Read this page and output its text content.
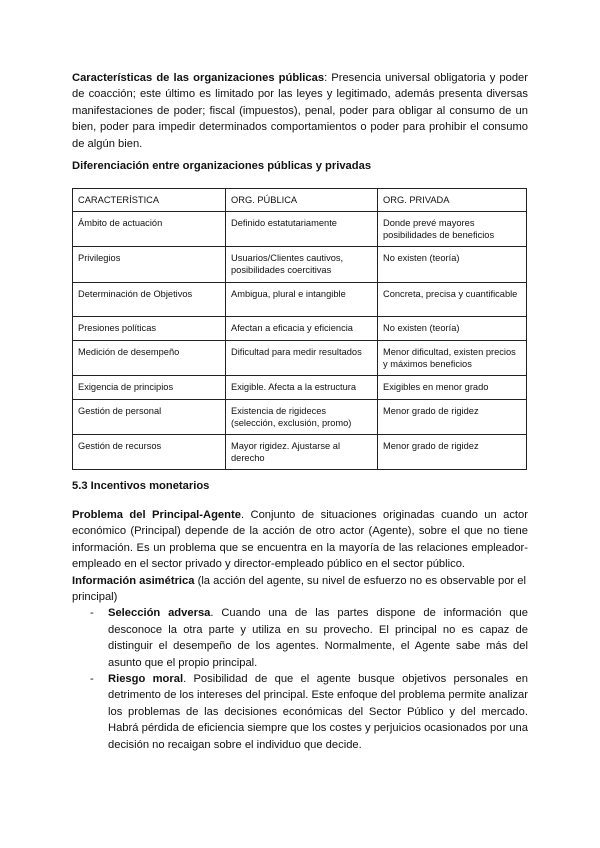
Características de las organizaciones públicas: Presencia universal obligatoria y poder de coacción; este último es limitado por las leyes y legitimado, además presenta diversas manifestaciones de poder; fiscal (impuestos), penal, poder para obligar al consumo de un bien, poder para impedir determinados comportamientos o poder para prohibir el consumo de algún bien.
Diferenciación entre organizaciones públicas y privadas
CARACTERÍSTICA	ORG. PÚBLICA	ORG. PRIVADA
Ámbito de actuación	Definido estatutariamente	Donde prevé mayores posibilidades de beneficios
Privilegios	Usuarios/Clientes cautivos, posibilidades coercitivas	No existen (teoría)
Determinación de Objetivos	Ambigua, plural e intangible	Concreta, precisa y cuantificable
Presiones políticas	Afectan a eficacia y eficiencia	No existen (teoría)
Medición de desempeño	Dificultad para medir resultados	Menor dificultad, existen precios y máximos beneficios
Exigencia de principios	Exigible. Afecta a la estructura	Exigibles en menor grado
Gestión de personal	Existencia de rigideces (selección, exclusión, promo)	Menor grado de rigidez
Gestión de recursos	Mayor rigidez. Ajustarse al derecho	Menor grado de rigidez
5.3 Incentivos monetarios
Problema del Principal-Agente. Conjunto de situaciones originadas cuando un actor económico (Principal) depende de la acción de otro actor (Agente), sobre el que no tiene información. Es un problema que se encuentra en la mayoría de las relaciones empleador-empleado en el sector privado y director-empleado público en el sector público.
Información asimétrica (la acción del agente, su nivel de esfuerzo no es observable por el principal)
- Selección adversa. Cuando una de las partes dispone de información que desconoce la otra parte y utiliza en su provecho. El principal no es capaz de distinguir el desempeño de los agentes. Normalmente, el Agente sabe más del asunto que el propio principal.
- Riesgo moral. Posibilidad de que el agente busque objetivos personales en detrimento de los intereses del principal. Este enfoque del problema permite analizar los problemas de las decisiones económicas del Sector Público y del mercado. Habrá pérdida de eficiencia siempre que los costes y perjuicios ocasionados por una decisión no recaigan sobre el individuo que decide.
